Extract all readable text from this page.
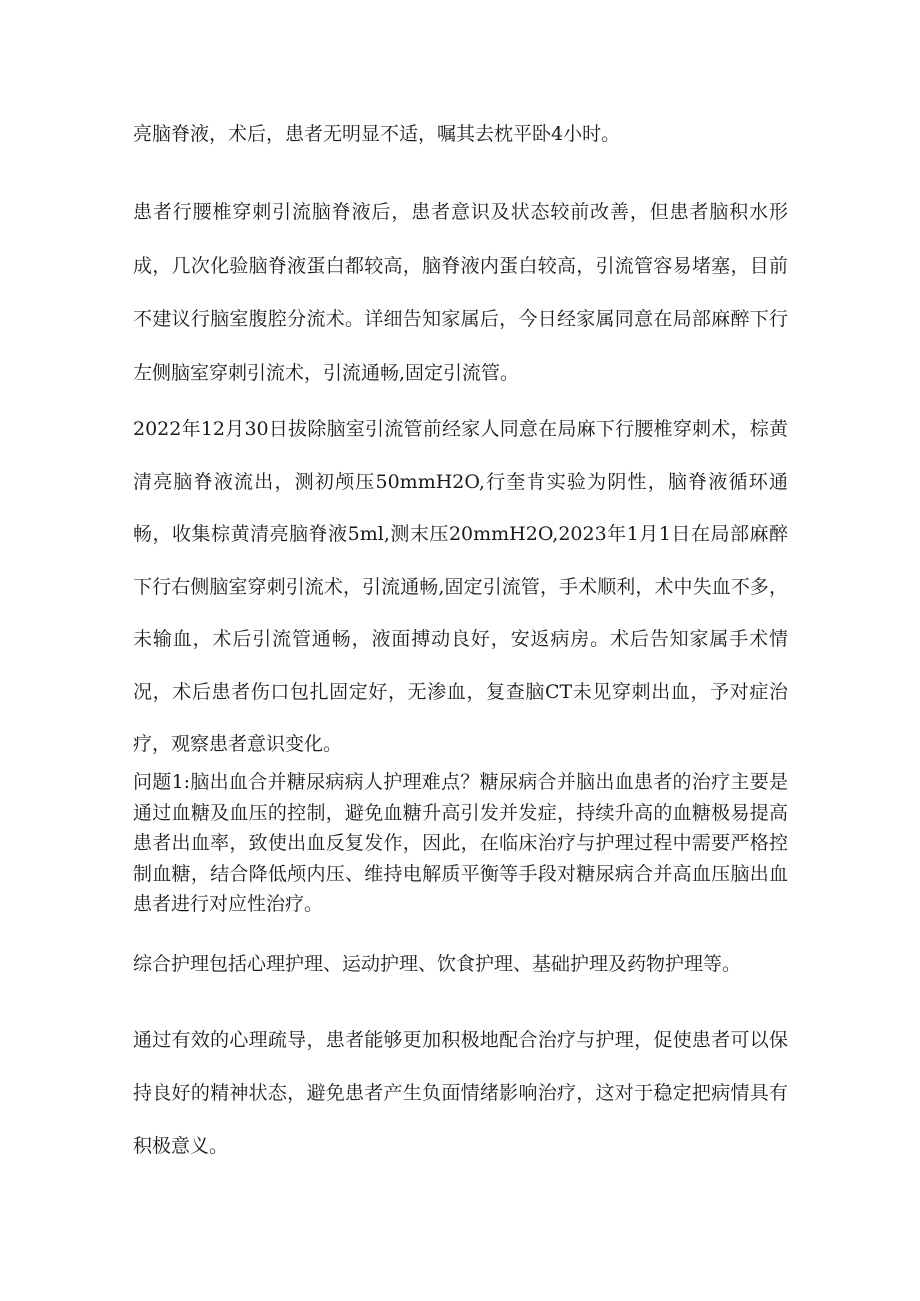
亮脑脊液，术后，患者无明显不适，嘱其去枕平卧4小时。

患者行腰椎穿刺引流脑脊液后，患者意识及状态较前改善，但患者脑积水形成，几次化验脑脊液蛋白都较高，脑脊液内蛋白较高，引流管容易堵塞，目前不建议行脑室腹腔分流术。详细告知家属后，今日经家属同意在局部麻醉下行左侧脑室穿刺引流术，引流通畅,固定引流管。

2022年12月30日拔除脑室引流管前经家人同意在局麻下行腰椎穿刺术，棕黄清亮脑脊液流出，测初颅压50mmH2O,行奎肯实验为阴性，脑脊液循环通畅，收集棕黄清亮脑脊液5ml,测末压20mmH2O,2023年1月1日在局部麻醉下行右侧脑室穿刺引流术，引流通畅,固定引流管，手术顺利，术中失血不多，未输血，术后引流管通畅，液面搏动良好，安返病房。术后告知家属手术情况，术后患者伤口包扎固定好，无渗血，复查脑CT未见穿刺出血，予对症治疗，观察患者意识变化。

问题1:脑出血合并糖尿病病人护理难点？糖尿病合并脑出血患者的治疗主要是通过血糖及血压的控制，避免血糖升高引发并发症，持续升高的血糖极易提高患者出血率，致使出血反复发作，因此，在临床治疗与护理过程中需要严格控制血糖，结合降低颅内压、维持电解质平衡等手段对糖尿病合并高血压脑出血患者进行对应性治疗。

综合护理包括心理护理、运动护理、饮食护理、基础护理及药物护理等。

通过有效的心理疏导，患者能够更加积极地配合治疗与护理，促使患者可以保持良好的精神状态，避免患者产生负面情绪影响治疗，这对于稳定把病情具有积极意义。
